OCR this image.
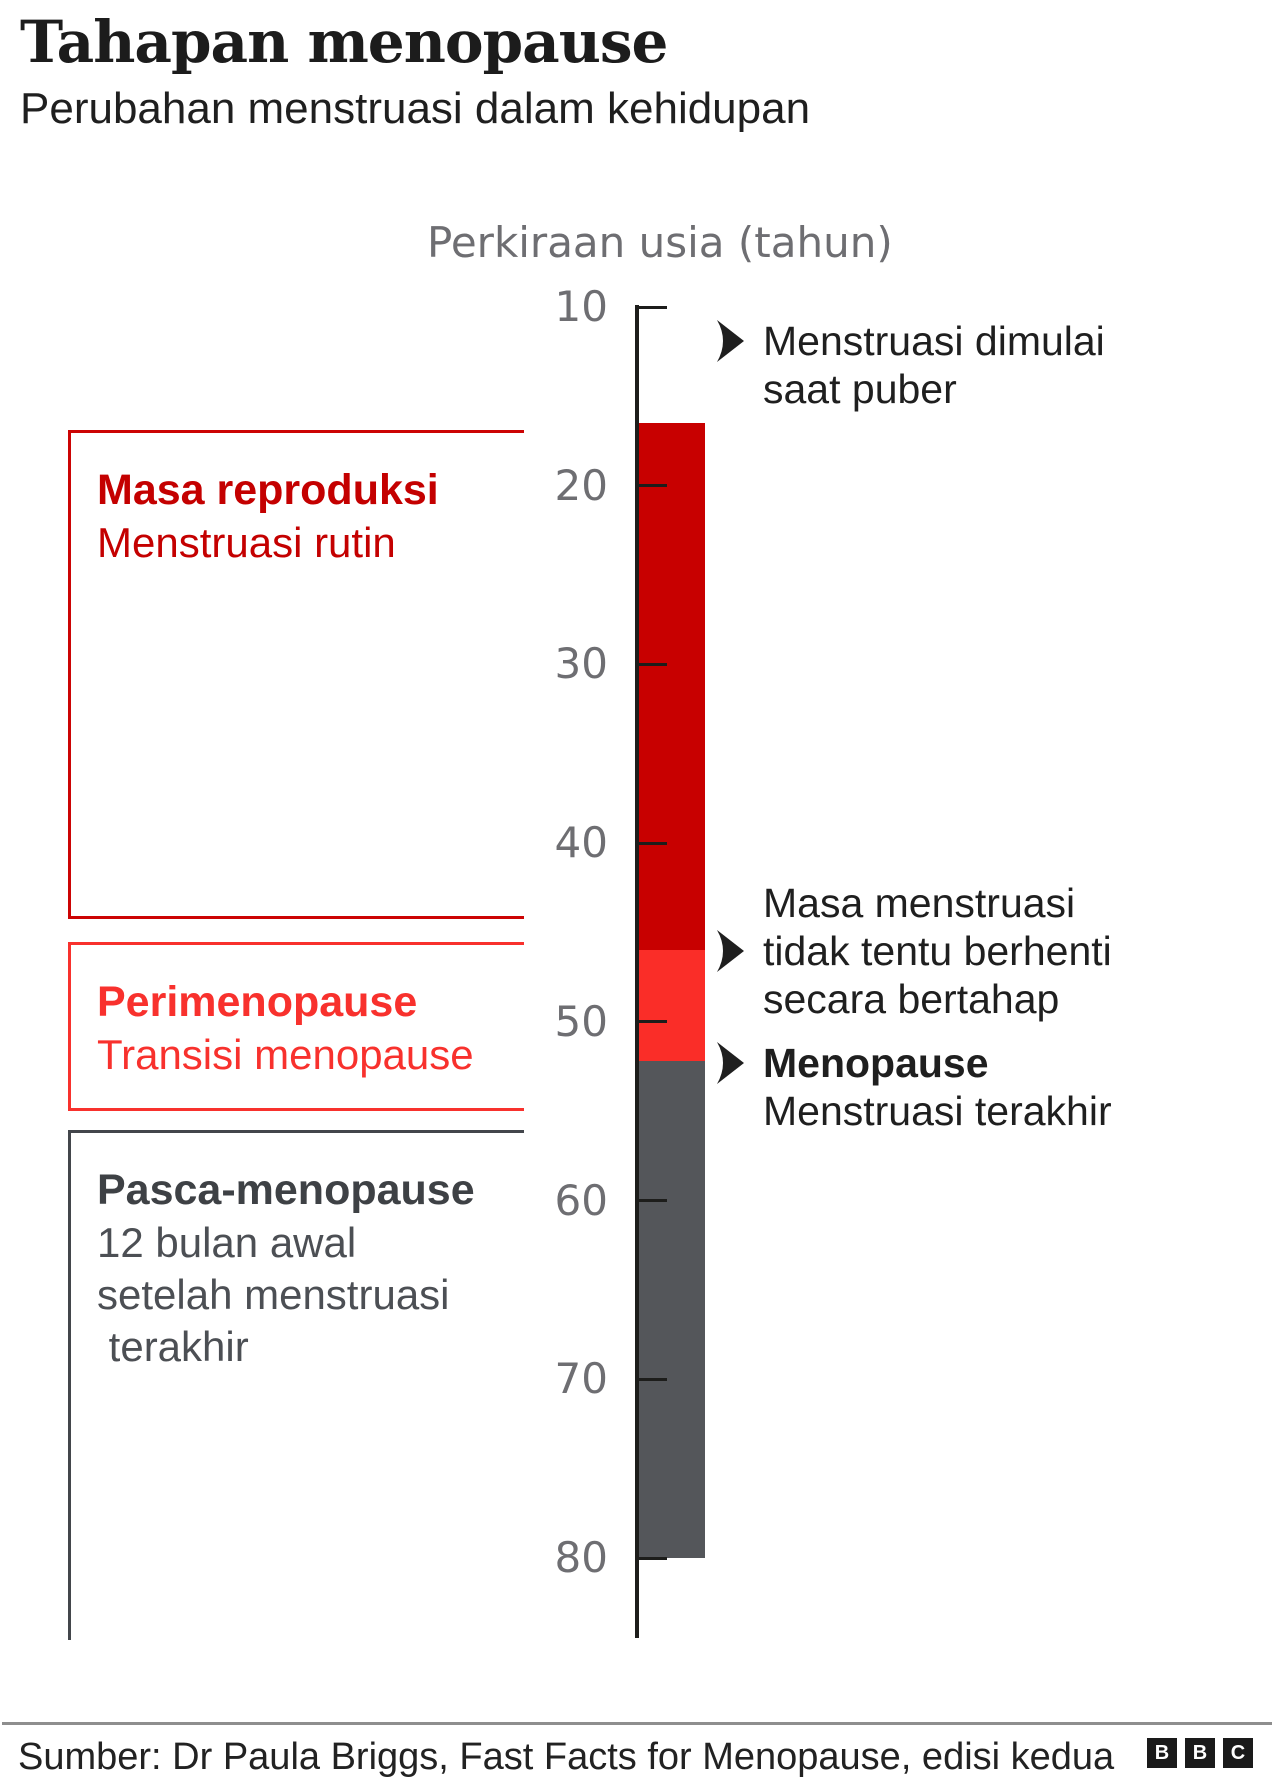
Tahapan menopause
Perubahan menstruasi dalam kehidupan
Perkiraan usia (tahun)
10
20
30
40
50
60
70
80
Menstruasi dimulai
saat puber
Masa menstruasi
tidak tentu berhenti
secara bertahap
Menopause
Menstruasi terakhir
Masa reproduksi
Menstruasi rutin
Perimenopause
Transisi menopause
Pasca-menopause
12 bulan awal
setelah menstruasi
terakhir
Sumber: Dr Paula Briggs, Fast Facts for Menopause, edisi kedua	B	B	C
